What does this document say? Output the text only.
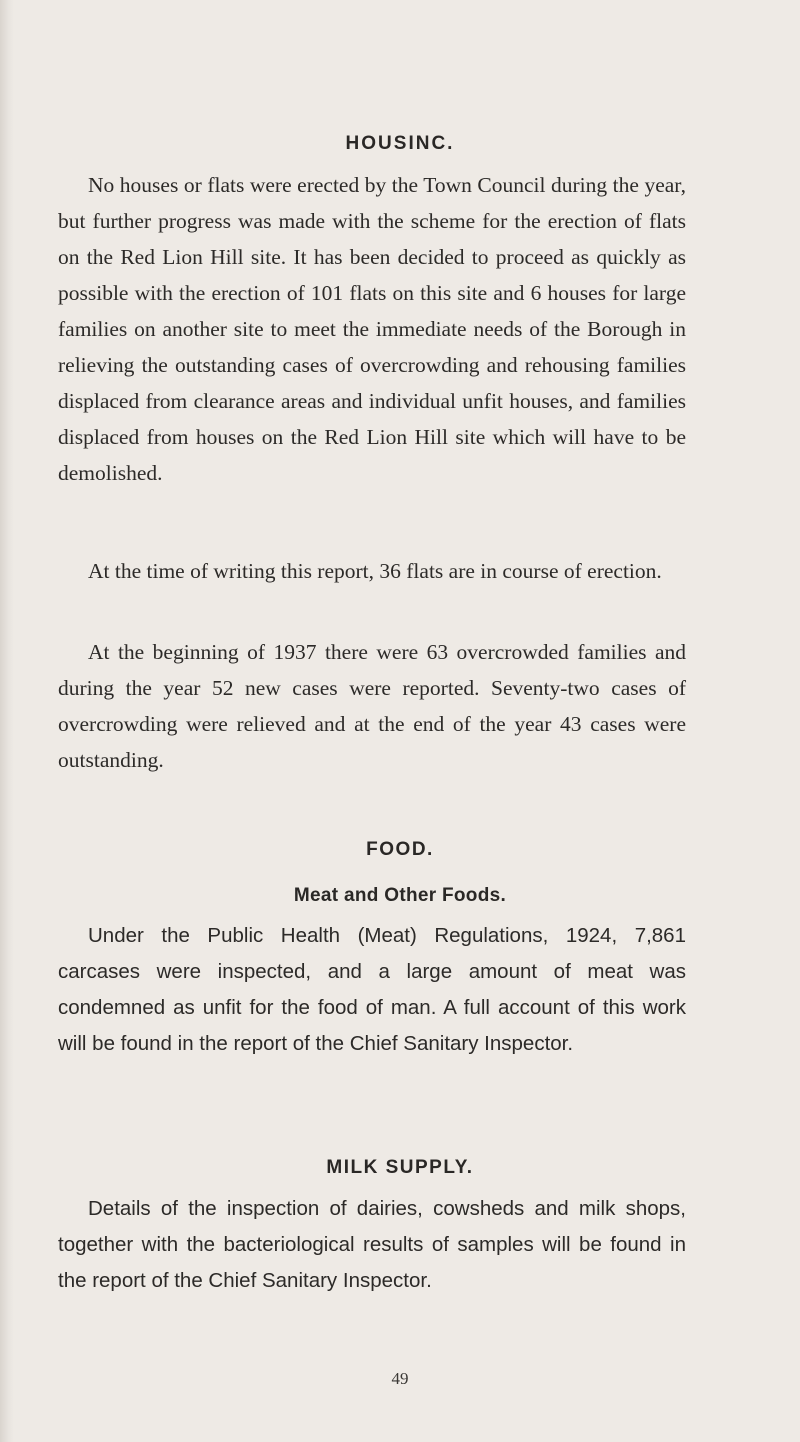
HOUSINC.

No houses or flats were erected by the Town Council during the year, but further progress was made with the scheme for the erection of flats on the Red Lion Hill site. It has been decided to proceed as quickly as possible with the erection of 101 flats on this site and 6 houses for large families on another site to meet the immediate needs of the Borough in relieving the outstanding cases of overcrowding and rehousing families displaced from clearance areas and individual unfit houses, and families displaced from houses on the Red Lion Hill site which will have to be demolished.

At the time of writing this report, 36 flats are in course of erection.

At the beginning of 1937 there were 63 overcrowded families and during the year 52 new cases were reported. Seventy-two cases of overcrowding were relieved and at the end of the year 43 cases were outstanding.

FOOD.
Meat and Other Foods.

Under the Public Health (Meat) Regulations, 1924, 7,861 carcases were inspected, and a large amount of meat was condemned as unfit for the food of man. A full account of this work will be found in the report of the Chief Sanitary Inspector.

MILK SUPPLY.

Details of the inspection of dairies, cowsheds and milk shops, together with the bacteriological results of samples will be found in the report of the Chief Sanitary Inspector.

49
